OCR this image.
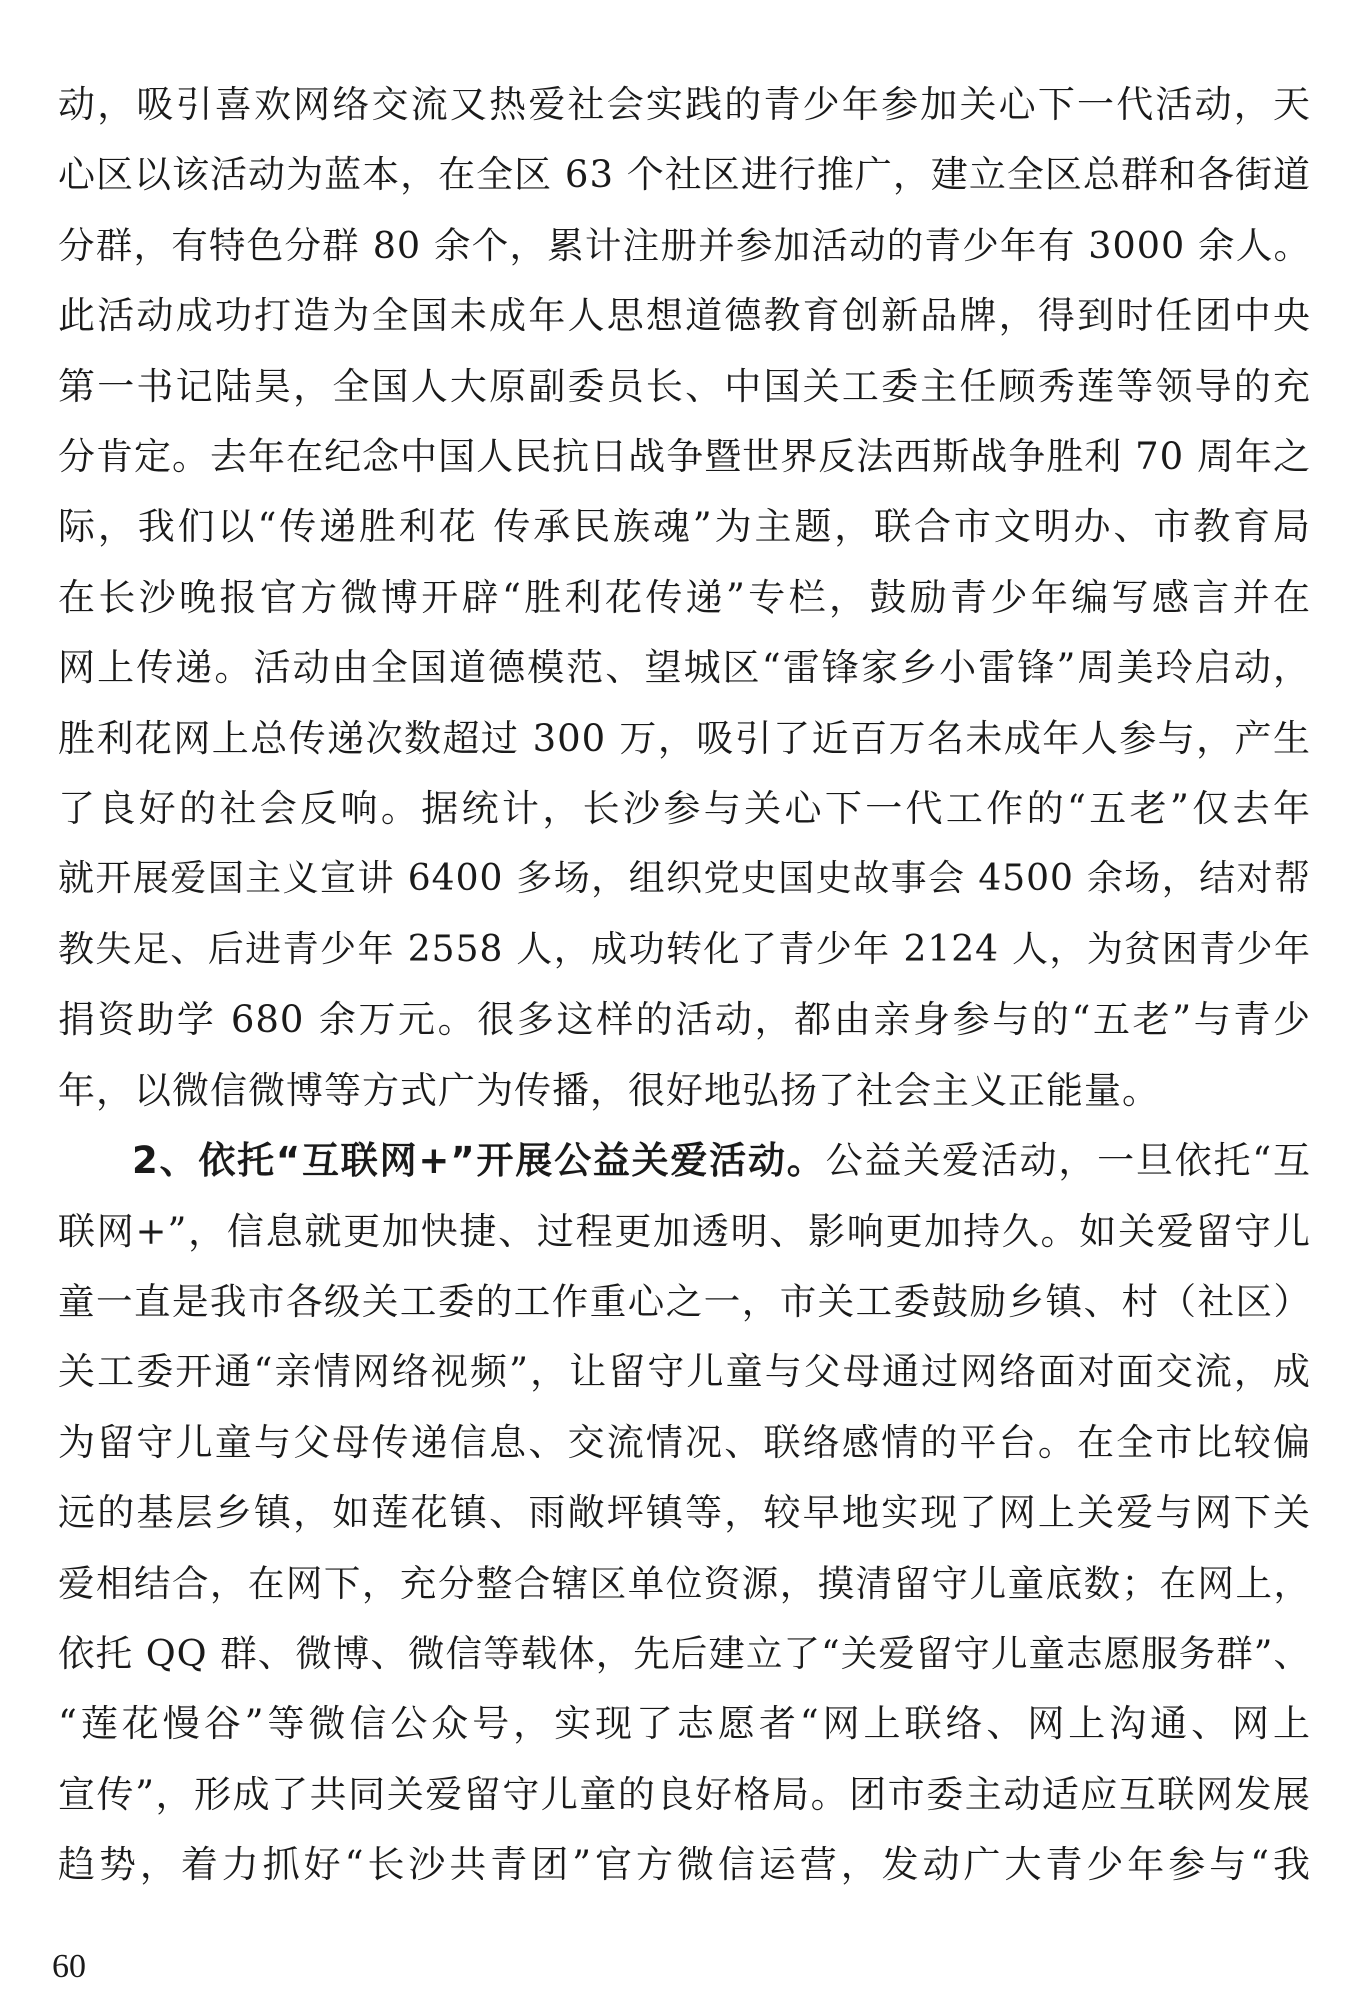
动，吸引喜欢网络交流又热爱社会实践的青少年参加关心下一代活动，天
心区以该活动为蓝本，在全区 63 个社区进行推广，建立全区总群和各街道
分群，有特色分群 80 余个，累计注册并参加活动的青少年有 3000 余人。
此活动成功打造为全国未成年人思想道德教育创新品牌，得到时任团中央
第一书记陆昊，全国人大原副委员长、中国关工委主任顾秀莲等领导的充
分肯定。去年在纪念中国人民抗日战争暨世界反法西斯战争胜利 70 周年之
际，我们以“传递胜利花 传承民族魂”为主题，联合市文明办、市教育局
在长沙晚报官方微博开辟“胜利花传递”专栏，鼓励青少年编写感言并在
网上传递。活动由全国道德模范、望城区“雷锋家乡小雷锋”周美玲启动，
胜利花网上总传递次数超过 300 万，吸引了近百万名未成年人参与，产生
了良好的社会反响。据统计，长沙参与关心下一代工作的“五老”仅去年
就开展爱国主义宣讲 6400 多场，组织党史国史故事会 4500 余场，结对帮
教失足、后进青少年 2558 人，成功转化了青少年 2124 人，为贫困青少年
捐资助学 680 余万元。很多这样的活动，都由亲身参与的“五老”与青少
年，以微信微博等方式广为传播，很好地弘扬了社会主义正能量。
2、依托“互联网+”开展公益关爱活动。公益关爱活动，一旦依托“互
联网+”，信息就更加快捷、过程更加透明、影响更加持久。如关爱留守儿
童一直是我市各级关工委的工作重心之一，市关工委鼓励乡镇、村（社区）
关工委开通“亲情网络视频”，让留守儿童与父母通过网络面对面交流，成
为留守儿童与父母传递信息、交流情况、联络感情的平台。在全市比较偏
远的基层乡镇，如莲花镇、雨敞坪镇等，较早地实现了网上关爱与网下关
爱相结合，在网下，充分整合辖区单位资源，摸清留守儿童底数；在网上，
依托 QQ 群、微博、微信等载体，先后建立了“关爱留守儿童志愿服务群”、
“莲花慢谷”等微信公众号，实现了志愿者“网上联络、网上沟通、网上
宣传”，形成了共同关爱留守儿童的良好格局。团市委主动适应互联网发展
趋势，着力抓好“长沙共青团”官方微信运营，发动广大青少年参与“我
60
